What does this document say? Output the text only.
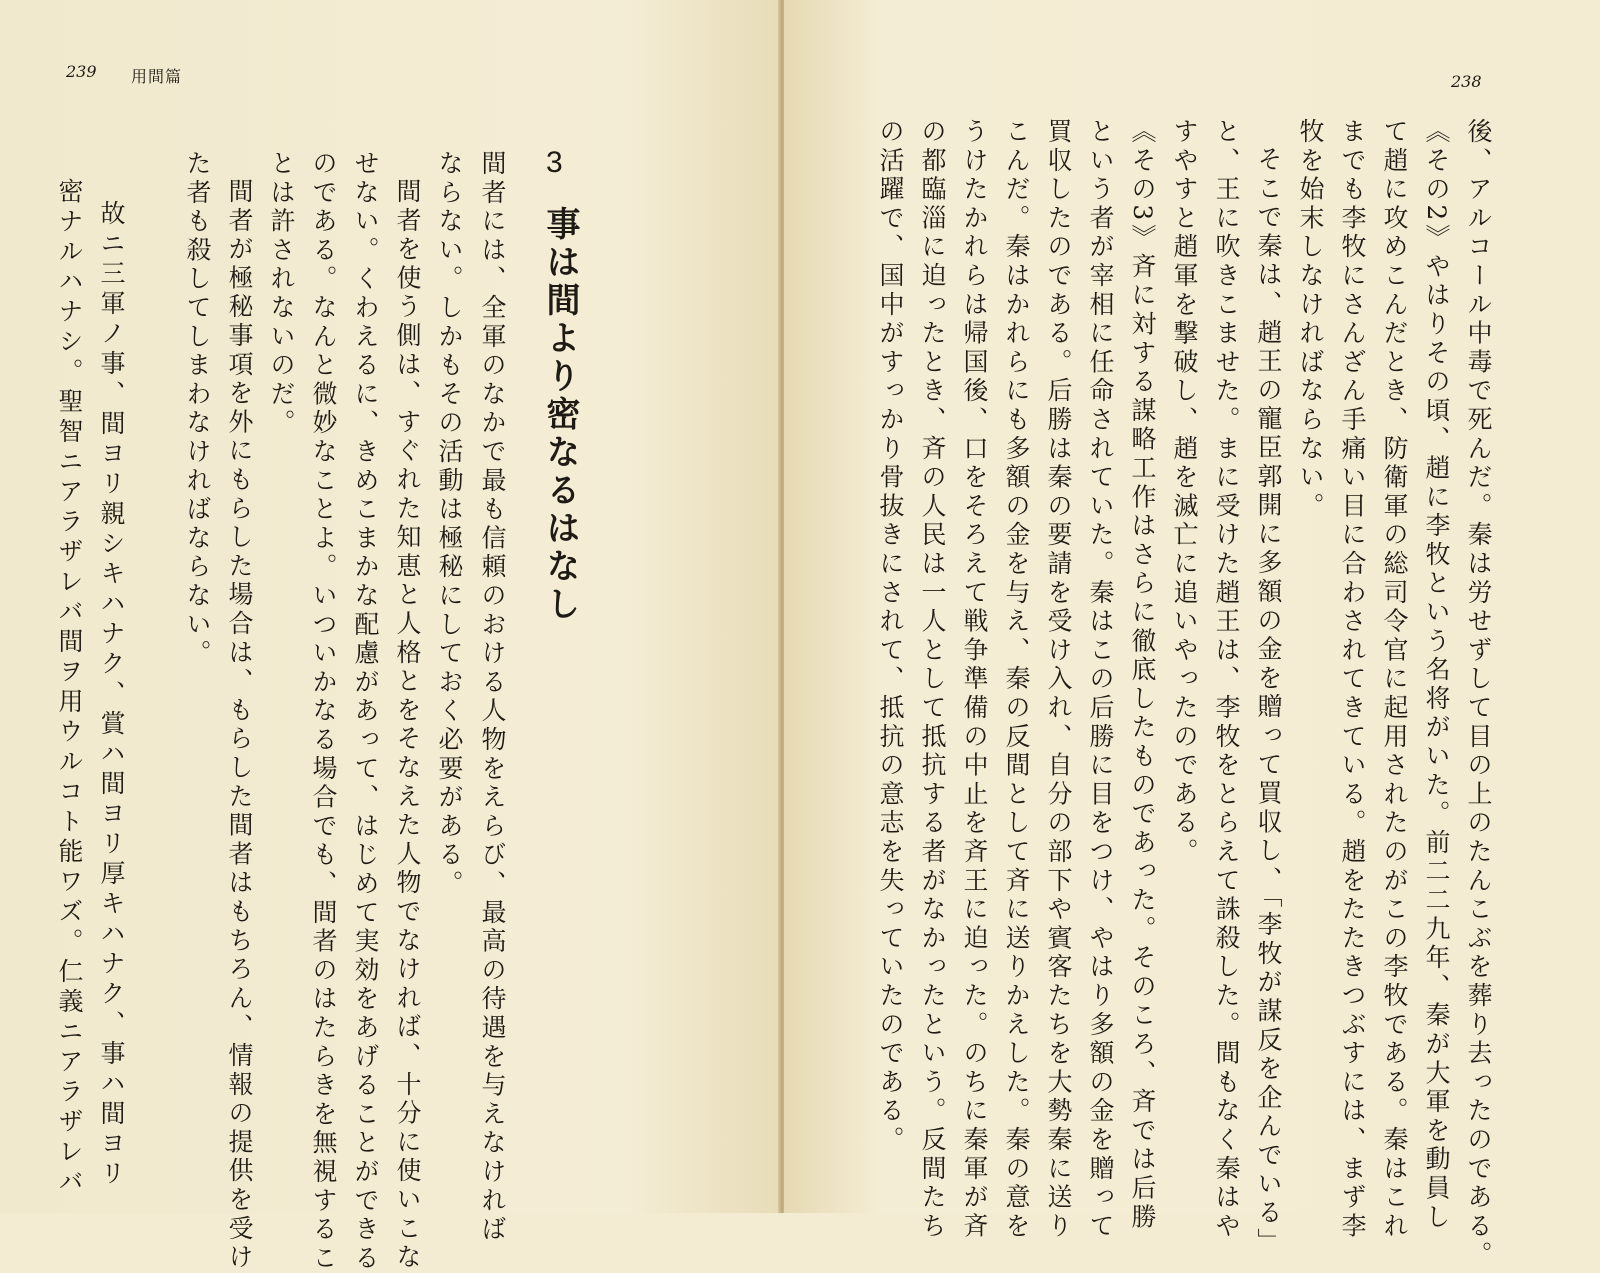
239 用間篇
3
事は間より密なるはなし
間者には、全軍のなかで最も信頼のおける人物をえらび、最高の待遇を与えなければ
ならない。しかもその活動は極秘にしておく必要がある。
間者を使う側は、すぐれた知恵と人格とをそなえた人物でなければ、十分に使いこな
せない。くわえるに、きめこまかな配慮があって、はじめて実効をあげることができる
のである。なんと微妙なことよ。いついかなる場合でも、間者のはたらきを無視するこ
とは許されないのだ。
間者が極秘事項を外にもらした場合は、もらした間者はもちろん、情報の提供を受け
た者も殺してしまわなければならない。
故ニ三軍ノ事、間ヨリ親シキハナク、賞ハ間ヨリ厚キハナク、事ハ間ヨリ
密ナルハナシ。聖智ニアラザレバ間ヲ用ウルコト能ワズ。仁義ニアラザレバ
238
後、アルコール中毒で死んだ。秦は労せずして目の上のたんこぶを葬り去ったのである。
《その2》やはりその頃、趙に李牧という名将がいた。前二二九年、秦が大軍を動員し
て趙に攻めこんだとき、防衛軍の総司令官に起用されたのがこの李牧である。秦はこれ
までも李牧にさんざん手痛い目に合わされてきている。趙をたたきつぶすには、まず李
牧を始末しなければならない。
そこで秦は、趙王の寵臣郭開に多額の金を贈って買収し、「李牧が謀反を企んでいる」
と、王に吹きこませた。まに受けた趙王は、李牧をとらえて誅殺した。間もなく秦はや
すやすと趙軍を撃破し、趙を滅亡に追いやったのである。
《その3》斉に対する謀略工作はさらに徹底したものであった。そのころ、斉では后勝
という者が宰相に任命されていた。秦はこの后勝に目をつけ、やはり多額の金を贈って
買収したのである。后勝は秦の要請を受け入れ、自分の部下や賓客たちを大勢秦に送り
こんだ。秦はかれらにも多額の金を与え、秦の反間として斉に送りかえした。秦の意を
うけたかれらは帰国後、口をそろえて戦争準備の中止を斉王に迫った。のちに秦軍が斉
の都臨淄に迫ったとき、斉の人民は一人として抵抗する者がなかったという。反間たち
の活躍で、国中がすっかり骨抜きにされて、抵抗の意志を失っていたのである。
